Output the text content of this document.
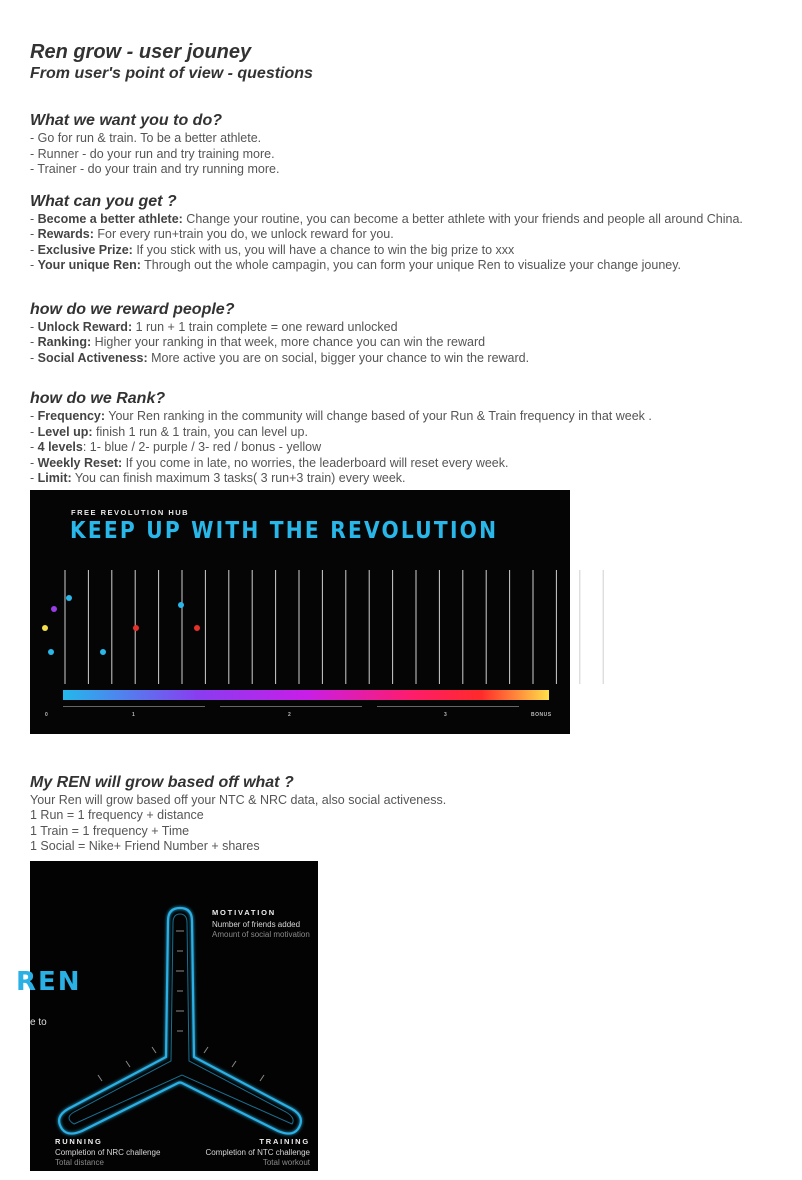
Ren grow - user jouney
From user's point of view - questions
What we want you to do?
- Go for run & train. To be a better athlete.
- Runner - do your run and try training more.
- Trainer - do your train and try running more.
What can you get ?
- Become a better athlete: Change your routine, you can become a better athlete with your friends and people all around China.
- Rewards: For every run+train you do, we unlock reward for you.
- Exclusive Prize: If you stick with us, you will have a chance to win the big prize to xxx
- Your unique Ren: Through out the whole campagin, you can form your unique Ren to visualize your change jouney.
how do we reward people?
- Unlock Reward: 1 run + 1 train complete = one reward unlocked
- Ranking: Higher your ranking in that week, more chance you can win the reward
- Social Activeness: More active you are on social, bigger your chance to win the reward.
how do we Rank?
- Frequency: Your Ren ranking in the community will change based of your Run & Train frequency in that week .
- Level up: finish 1 run & 1 train, you can level up.
- 4 levels: 1- blue / 2- purple / 3- red / bonus - yellow
- Weekly Reset: If you come in late, no worries, the leaderboard will reset every week.
- Limit: You can finish maximum 3 tasks( 3 run+3 train) every week.
FREE REVOLUTION HUB
KEEP UP WITH THE REVOLUTION
0	1	2	3	BONUS
My REN will grow based off what ?

Your Ren will grow based off your NTC & NRC data, also social activeness.

1 Run = 1 frequency + distance

1 Train = 1 frequency + Time

1 Social = Nike+ Friend Number + shares

REN
e to
MOTIVATION
Number of friends added
Amount of social motivation
RUNNING
Completion of NRC challenge
Total distance
TRAINING
Completion of NTC challenge
Total workout
